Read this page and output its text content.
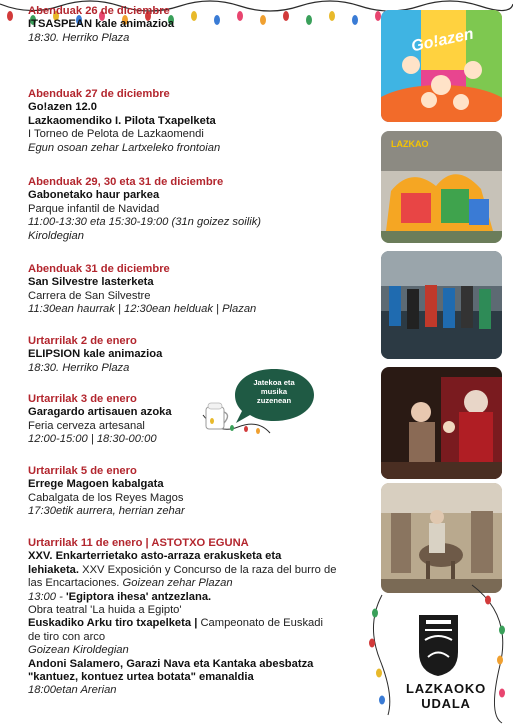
Abenduak 26 de diciembre
ITSASPEAN kale animazioa
18:30. Herriko Plaza
Abenduak 27 de diciembre
Go!azen 12.0
Lazkaomendiko I. Pilota Txapelketa
I Torneo de Pelota de Lazkaomendi
Egun osoan zehar Lartxeleko frontoian
Abenduak 29, 30 eta 31 de diciembre
Gabonetako haur parkea
Parque infantil de Navidad
11:00-13:30 eta 15:30-19:00 (31n goizez soilik)
Kiroldegian
Abenduak 31 de diciembre
San Silvestre lasterketa
Carrera de San Silvestre
11:30ean haurrak | 12:30ean helduak | Plazan
Urtarrilak 2 de enero
ELIPSION kale animazioa
18:30. Herriko Plaza
Urtarrilak 3 de enero
Garagardo artisauen azoka
Feria cerveza artesanal
12:00-15:00 | 18:30-00:00
Urtarrilak 5 de enero
Errege Magoen kabalgata
Cabalgata de los Reyes Magos
17:30etik aurrera, herrian zehar
Urtarrilak 11 de enero | ASTOTXO EGUNA
XXV. Enkarterrietako asto-arraza erakusketa eta
lehiaketa. XXV Exposición y Concurso de la raza del burro de
las Encartaciones. Goizean zehar Plazan
13:00 - 'Egiptora ihesa' antzezlana.
Obra teatral 'La huida a Egipto'
Euskadiko Arku tiro txapelketa | Campeonato de Euskadi
de tiro con arco
Goizean Kiroldegian
Andoni Salamero, Garazi Nava eta Kantaka abesbatza
"kantuez, kontuez urtea botata" emanaldia
18:00etan Arerian
Go!azen
LAZKAO
Jatekoa eta
musika
zuzenean
LAZKAOKO
UDALA
